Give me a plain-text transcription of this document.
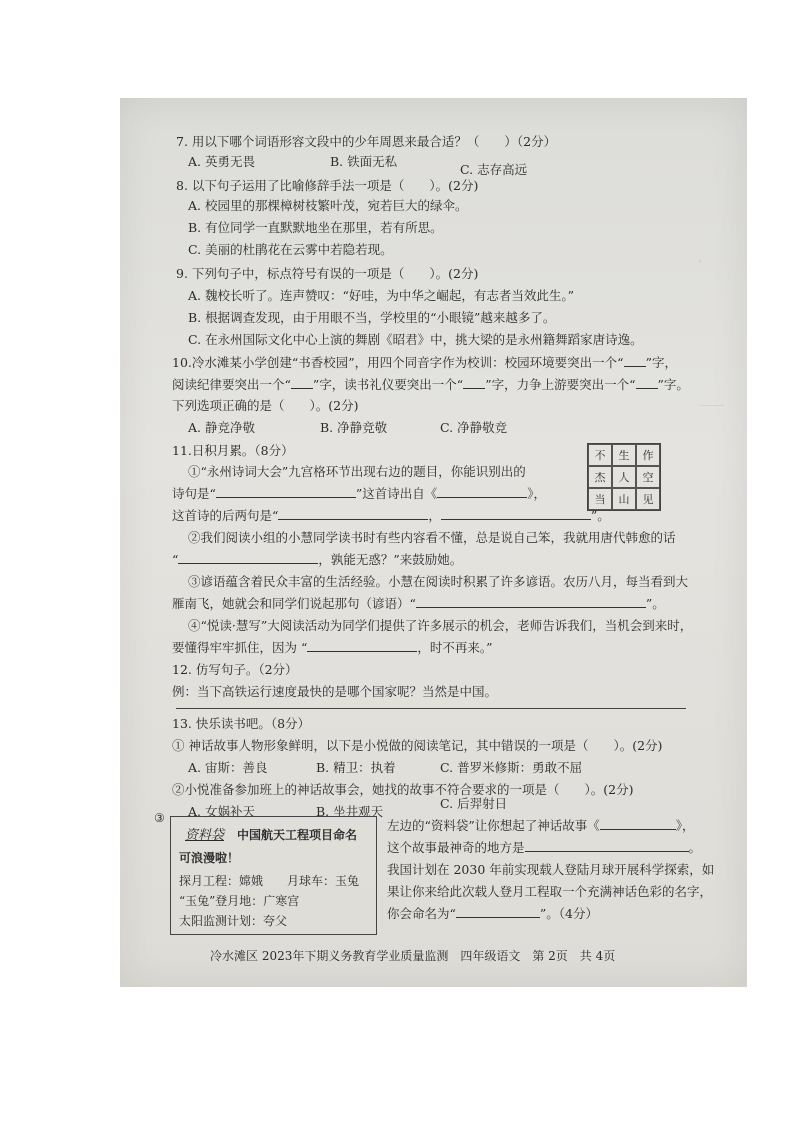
，
——
7. 用以下哪个词语形容文段中的少年周恩来最合适？（　　）（2分）
A. 英勇无畏	B. 铁面无私
C. 志存高远
8. 以下句子运用了比喻修辞手法一项是（　　）。(2分)
A. 校园里的那棵樟树枝繁叶茂，宛若巨大的绿伞。
B. 有位同学一直默默地坐在那里，若有所思。
C. 美丽的杜鹃花在云雾中若隐若现。
9. 下列句子中，标点符号有误的一项是（　　）。(2分)
A. 魏校长听了。连声赞叹：“好哇，为中华之崛起，有志者当效此生。”
B. 根据调查发现，由于用眼不当，学校里的“小眼镜”越来越多了。
C. 在永州国际文化中心上演的舞剧《昭君》中，挑大梁的是永州籍舞蹈家唐诗逸。
10.冷水滩某小学创建“书香校园”，用四个同音字作为校训：校园环境要突出一个“ ”字，
阅读纪律要突出一个“ ”字，读书礼仪要突出一个“ ”字，力争上游要突出一个“ ”字。
下列选项正确的是（　　）。(2分)
A. 静竞净敬	B. 净静竞敬	C. 净静敬竞
11.日积月累。（8分）	不	生	作
杰	人	空
当	山	见
①“永州诗词大会”九宫格环节出现右边的题目，你能识别出的
诗句是“	”这首诗出自《	》，
这首诗的后两句是“	，	”。
②我们阅读小组的小慧同学读书时有些内容看不懂，总是说自己笨，我就用唐代韩愈的话
“	，孰能无惑？”来鼓励她。
③谚语蕴含着民众丰富的生活经验。小慧在阅读时积累了许多谚语。农历八月，每当看到大
雁南飞，她就会和同学们说起那句（谚语）“	”。
④“悦读·慧写”大阅读活动为同学们提供了许多展示的机会，老师告诉我们，当机会到来时，
要懂得牢牢抓住，因为 “	，时不再来。”
12. 仿写句子。（2分）
例：当下高铁运行速度最快的是哪个国家呢？当然是中国。
13. 快乐读书吧。（8分）
① 神话故事人物形象鲜明，以下是小悦做的阅读笔记，其中错误的一项是（　　）。(2分)
A. 宙斯：善良	B. 精卫：执着	C. 普罗米修斯：勇敢不屈
②小悦准备参加班上的神话故事会，她找的故事不符合要求的一项是（　　）。(2分)
A. 女娲补天	B. 坐井观天
C. 后羿射日
③
资料袋 中国航天工程项目命名
可浪漫啦！
探月工程：嫦娥 月球车：玉兔
“玉兔”登月地：广寒宫
太阳监测计划：夸父
左边的“资料袋”让你想起了神话故事《	》，
这个故事最神奇的地方是	。
我国计划在 2030 年前实现载人登陆月球开展科学探索，如
果让你来给此次载人登月工程取一个充满神话色彩的名字，
你会命名为“	”。（4分）
冷水滩区 2023年下期义务教育学业质量监测　四年级语文　第 2页　共 4页
